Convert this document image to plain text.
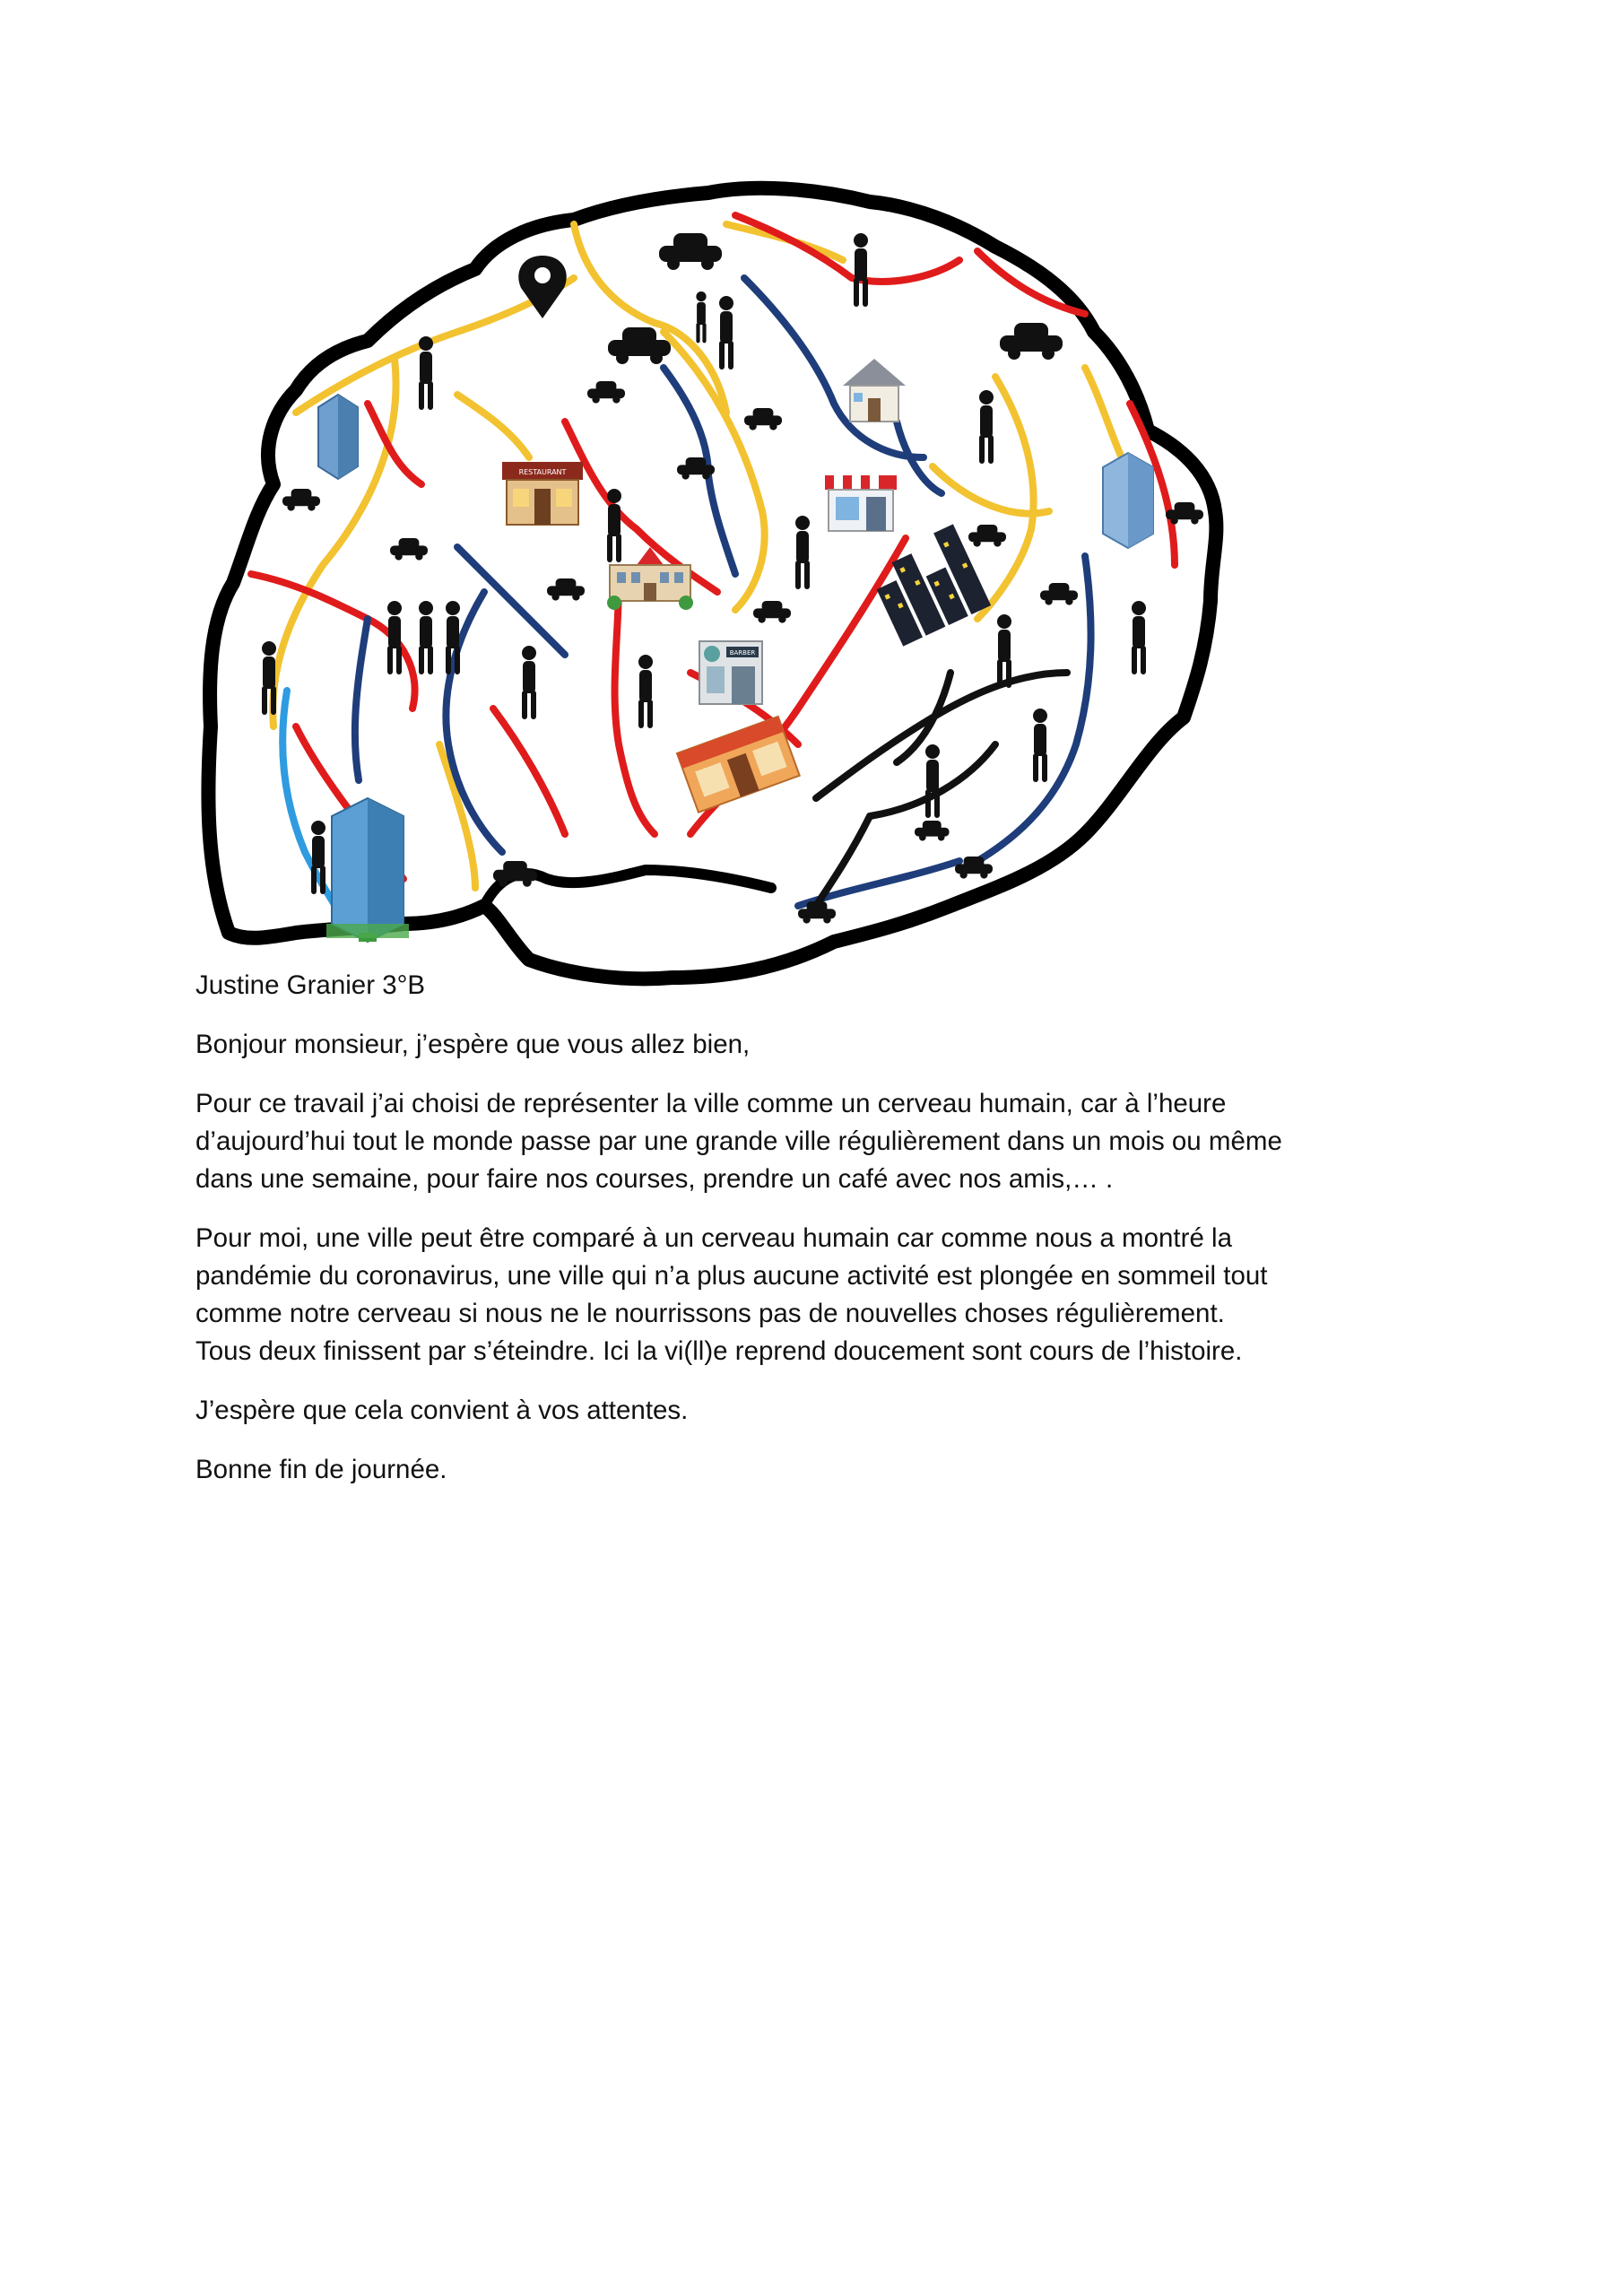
RESTAURANT
BARBER

Justine Granier 3°B

Bonjour monsieur, j’espère que vous allez bien,

Pour ce travail j’ai choisi de représenter la ville comme un cerveau humain, car à l’heure
d’aujourd’hui tout le monde passe par une grande ville régulièrement dans un mois ou même
dans une semaine, pour faire nos courses, prendre un café avec nos amis,… .

Pour moi, une ville peut être comparé à un cerveau humain car comme nous a montré la
pandémie du coronavirus, une ville qui n’a plus aucune activité est plongée en sommeil tout
comme notre cerveau si nous ne le nourrissons pas de nouvelles choses régulièrement.
Tous deux finissent par s’éteindre. Ici la vi(ll)e reprend doucement sont cours de l’histoire.

J’espère que cela convient à vos attentes.

Bonne fin de journée.
